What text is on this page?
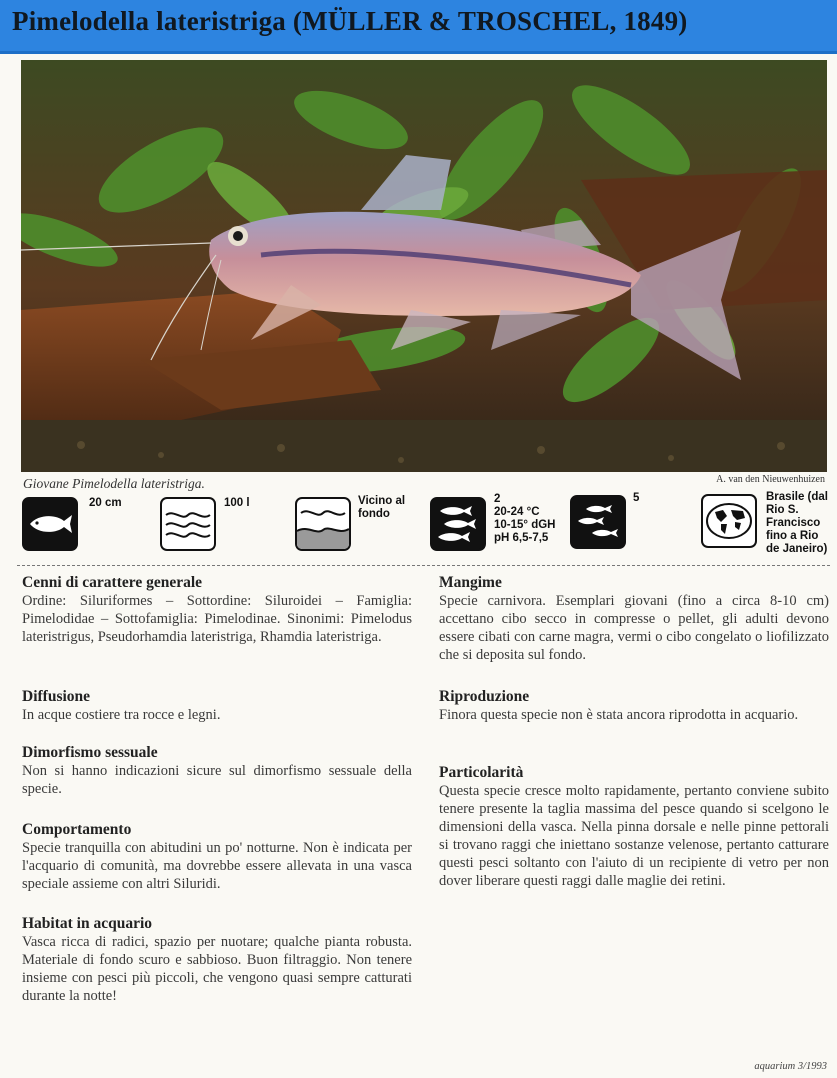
Pimelodella lateristriga (MÜLLER & TROSCHEL, 1849)
Giovane Pimelodella lateristriga.	A. van den Nieuwenhuizen
20 cm	100 l	Vicino al
fondo
2
20-24 °C
10-15° dGH
pH 6,5-7,5
5	Brasile (dal
Rio S.
Francisco
fino a Rio
de Janeiro)
Cenni di carattere generale

Ordine: Siluriformes – Sottordine: Siluroidei – Famiglia: Pimelodidae – Sottofamiglia: Pimelodinae. Sinonimi: Pimelodus lateristrigus, Pseudorhamdia lateristriga, Rhamdia lateristriga.

Diffusione

In acque costiere tra rocce e legni.

Dimorfismo sessuale

Non si hanno indicazioni sicure sul dimorfismo sessuale della specie.

Comportamento

Specie tranquilla con abitudini un po' notturne. Non è indicata per l'acquario di comunità, ma dovrebbe essere allevata in una vasca speciale assieme con altri Siluridi.

Habitat in acquario

Vasca ricca di radici, spazio per nuotare; qualche pianta robusta. Materiale di fondo scuro e sabbioso. Buon filtraggio. Non tenere insieme con pesci più piccoli, che vengono quasi sempre catturati durante la notte!

Mangime

Specie carnivora. Esemplari giovani (fino a circa 8-10 cm) accettano cibo secco in compresse o pellet, gli adulti devono essere cibati con carne magra, vermi o cibo congelato o liofilizzato che si deposita sul fondo.

Riproduzione

Finora questa specie non è stata ancora riprodotta in acquario.

Particolarità

Questa specie cresce molto rapidamente, pertanto conviene subito tenere presente la taglia massima del pesce quando si scelgono le dimensioni della vasca. Nella pinna dorsale e nelle pinne pettorali si trovano raggi che iniettano sostanze velenose, pertanto catturare questi pesci soltanto con l'aiuto di un recipiente di vetro per non dover liberare questi raggi dalle maglie dei retini.

aquarium 3/1993
